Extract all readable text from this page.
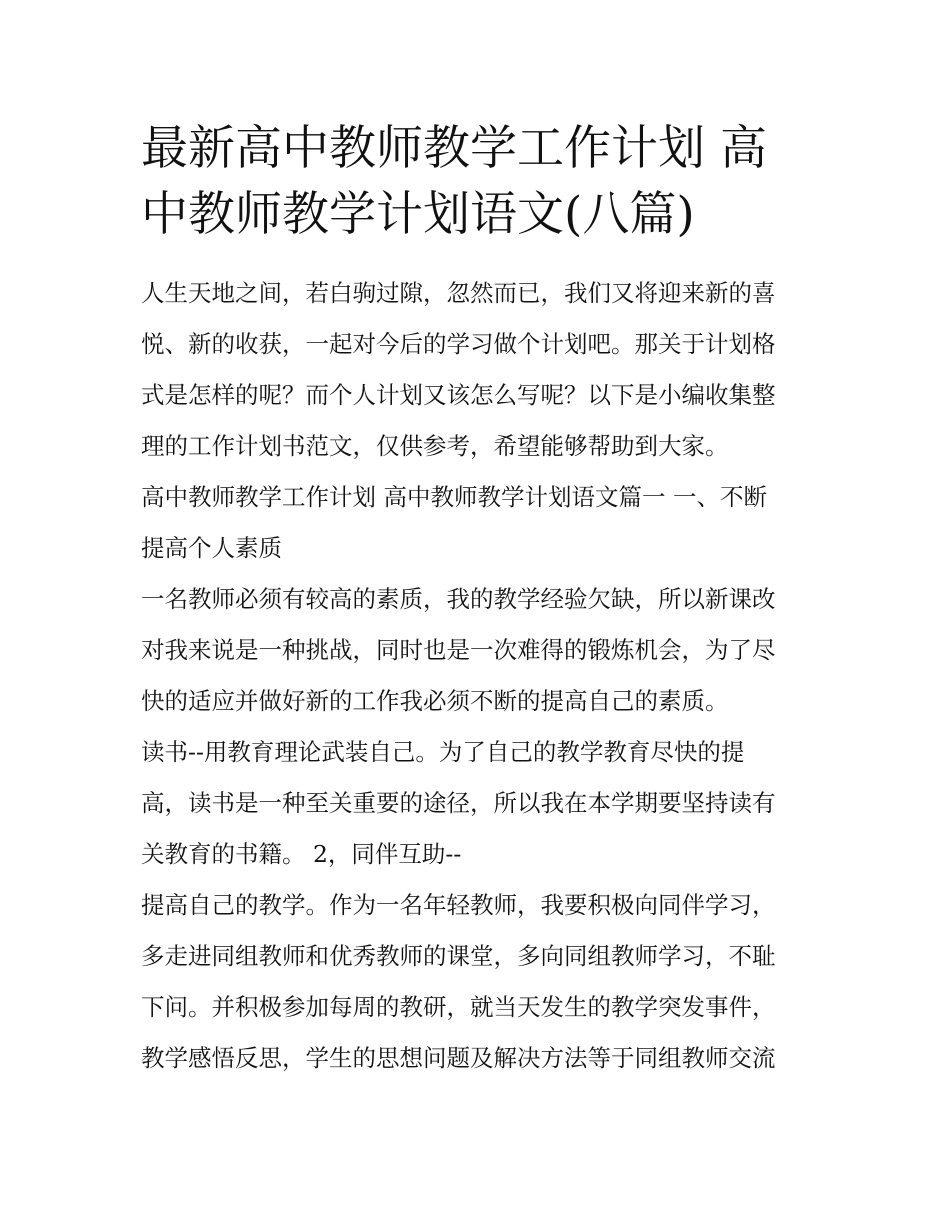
最新高中教师教学工作计划 高
中教师教学计划语文(八篇)
人生天地之间，若白驹过隙，忽然而已，我们又将迎来新的喜
悦、新的收获，一起对今后的学习做个计划吧。那关于计划格
式是怎样的呢？而个人计划又该怎么写呢？以下是小编收集整
理的工作计划书范文，仅供参考，希望能够帮助到大家。
高中教师教学工作计划 高中教师教学计划语文篇一 一、不断
提高个人素质
一名教师必须有较高的素质，我的教学经验欠缺，所以新课改
对我来说是一种挑战，同时也是一次难得的锻炼机会，为了尽
快的适应并做好新的工作我必须不断的提高自己的素质。
读书--用教育理论武装自己。为了自己的教学教育尽快的提
高，读书是一种至关重要的途径，所以我在本学期要坚持读有
关教育的书籍。 2，同伴互助--
提高自己的教学。作为一名年轻教师，我要积极向同伴学习，
多走进同组教师和优秀教师的课堂，多向同组教师学习，不耻
下问。并积极参加每周的教研，就当天发生的教学突发事件，
教学感悟反思，学生的思想问题及解决方法等于同组教师交流
